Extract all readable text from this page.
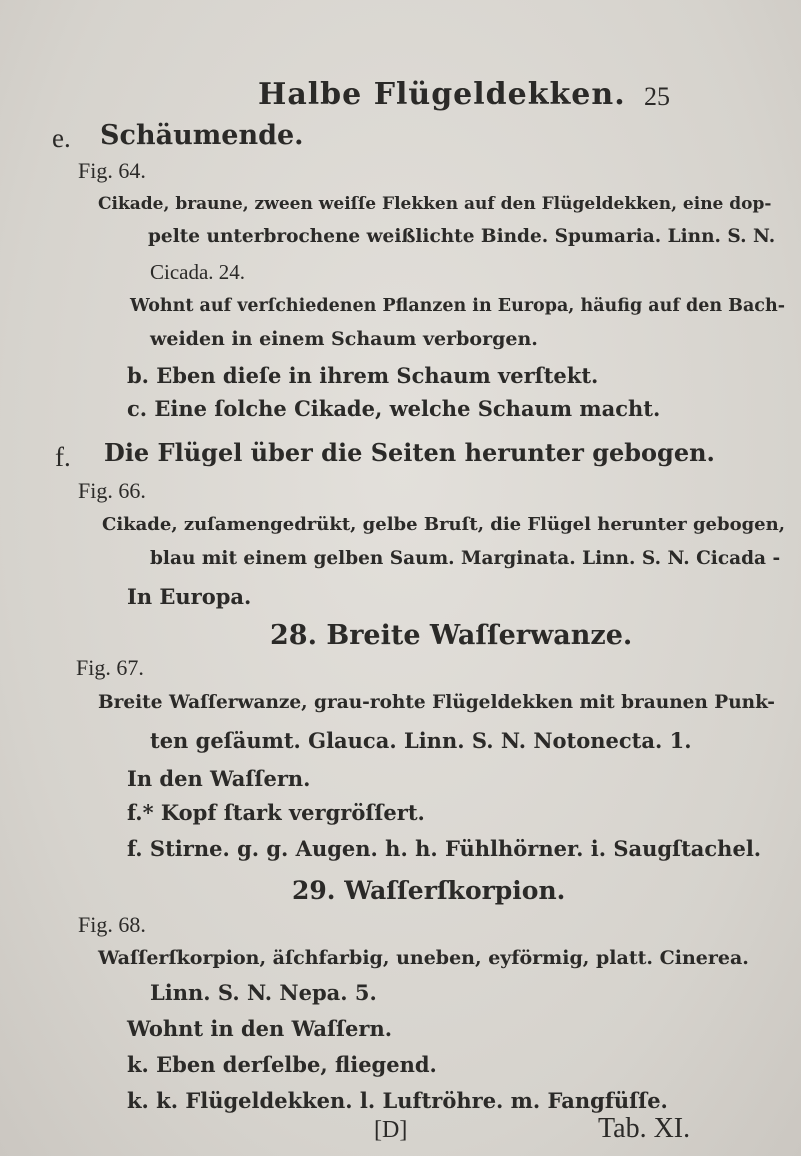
Halbe Flügeldekken. 25
e. Schäumende.
Fig. 64.
Cikade, braune, zween weiſſe Flekken auf den Flügeldekken, eine dop-
pelte unterbrochene weißlichte Binde. Spumaria. Linn. S. N.
Cicada. 24.
Wohnt auf verſchiedenen Pflanzen in Europa, häufig auf den Bach-
weiden in einem Schaum verborgen.
b. Eben dieſe in ihrem Schaum verſtekt.
c. Eine ſolche Cikade, welche Schaum macht.
f. Die Flügel über die Seiten herunter gebogen.
Fig. 66.
Cikade, zuſamengedrükt, gelbe Bruſt, die Flügel herunter gebogen,
blau mit einem gelben Saum. Marginata. Linn. S. N. Cicada -
In Europa.
28. Breite Waſſerwanze.
Fig. 67.
Breite Waſſerwanze, grau-rohte Flügeldekken mit braunen Punk-
ten geſäumt. Glauca. Linn. S. N. Notonecta. 1.
In den Waſſern.
f.* Kopf ſtark vergröſſert.
f. Stirne. g. g. Augen. h. h. Fühlhörner. i. Saugſtachel.
29. Waſſerſkorpion.
Fig. 68.
Waſſerſkorpion, äſchfarbig, uneben, eyförmig, platt. Cinerea.
Linn. S. N. Nepa. 5.
Wohnt in den Waſſern.
k. Eben derſelbe, fliegend.
k. k. Flügeldekken. l. Luftröhre. m. Fangfüſſe.
[D]	Tab. XI.
